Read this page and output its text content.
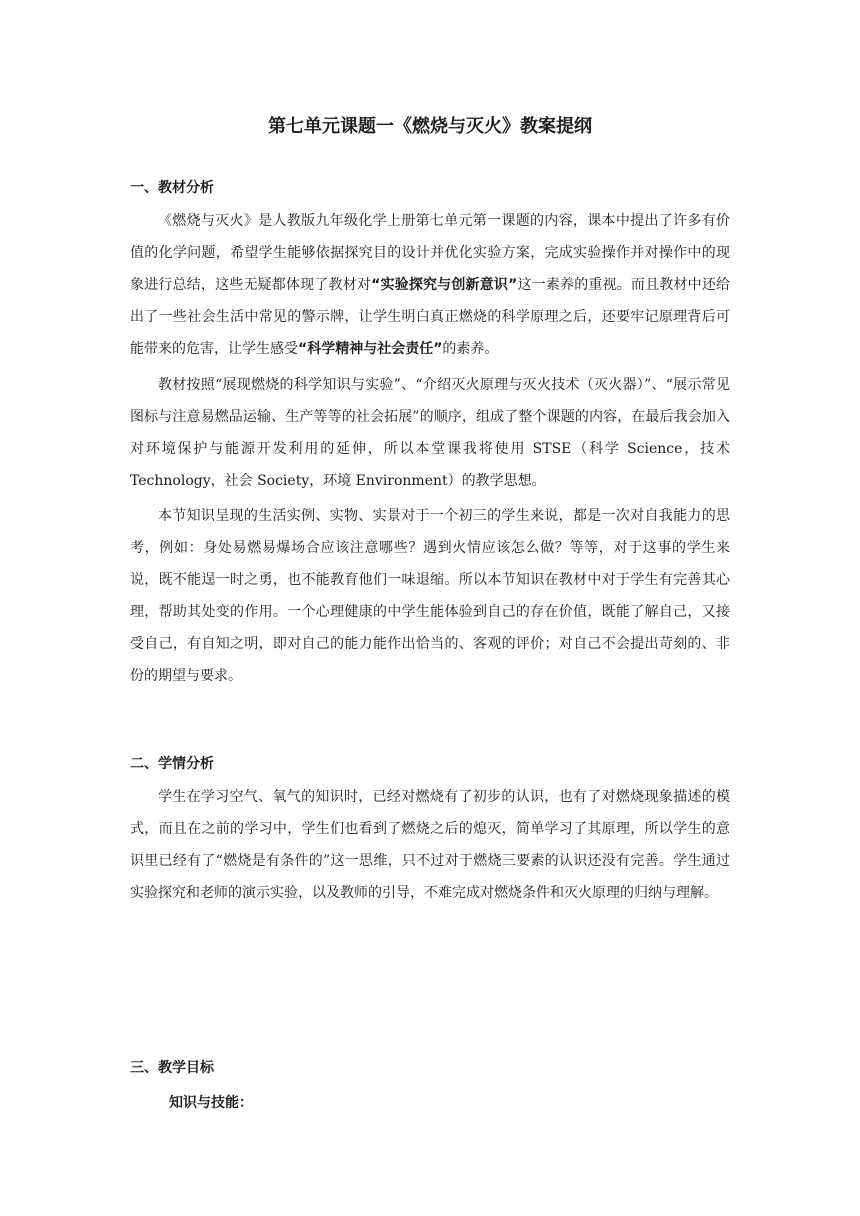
第七单元课题一《燃烧与灭火》教案提纲
一、教材分析

《燃烧与灭火》是人教版九年级化学上册第七单元第一课题的内容，课本中提出了许多有价值的化学问题，希望学生能够依据探究目的设计并优化实验方案，完成实验操作并对操作中的现象进行总结，这些无疑都体现了教材对“实验探究与创新意识”这一素养的重视。而且教材中还给出了一些社会生活中常见的警示牌，让学生明白真正燃烧的科学原理之后，还要牢记原理背后可能带来的危害，让学生感受“科学精神与社会责任”的素养。

教材按照“展现燃烧的科学知识与实验”、“介绍灭火原理与灭火技术（灭火器）”、“展示常见图标与注意易燃品运输、生产等等的社会拓展”的顺序，组成了整个课题的内容，在最后我会加入对环境保护与能源开发利用的延伸，所以本堂课我将使用 STSE（科学 Science，技术 Technology，社会 Society，环境 Environment）的教学思想。

本节知识呈现的生活实例、实物、实景对于一个初三的学生来说，都是一次对自我能力的思考，例如：身处易燃易爆场合应该注意哪些？遇到火情应该怎么做？等等，对于这事的学生来说，既不能逞一时之勇，也不能教育他们一味退缩。所以本节知识在教材中对于学生有完善其心理，帮助其处变的作用。一个心理健康的中学生能体验到自己的存在价值，既能了解自己，又接受自己，有自知之明，即对自己的能力能作出恰当的、客观的评价；对自己不会提出苛刻的、非份的期望与要求。

二、学情分析

学生在学习空气、氧气的知识时，已经对燃烧有了初步的认识，也有了对燃烧现象描述的模式，而且在之前的学习中，学生们也看到了燃烧之后的熄灭，简单学习了其原理，所以学生的意识里已经有了“燃烧是有条件的”这一思维，只不过对于燃烧三要素的认识还没有完善。学生通过实验探究和老师的演示实验，以及教师的引导，不难完成对燃烧条件和灭火原理的归纳与理解。

三、教学目标
知识与技能：
